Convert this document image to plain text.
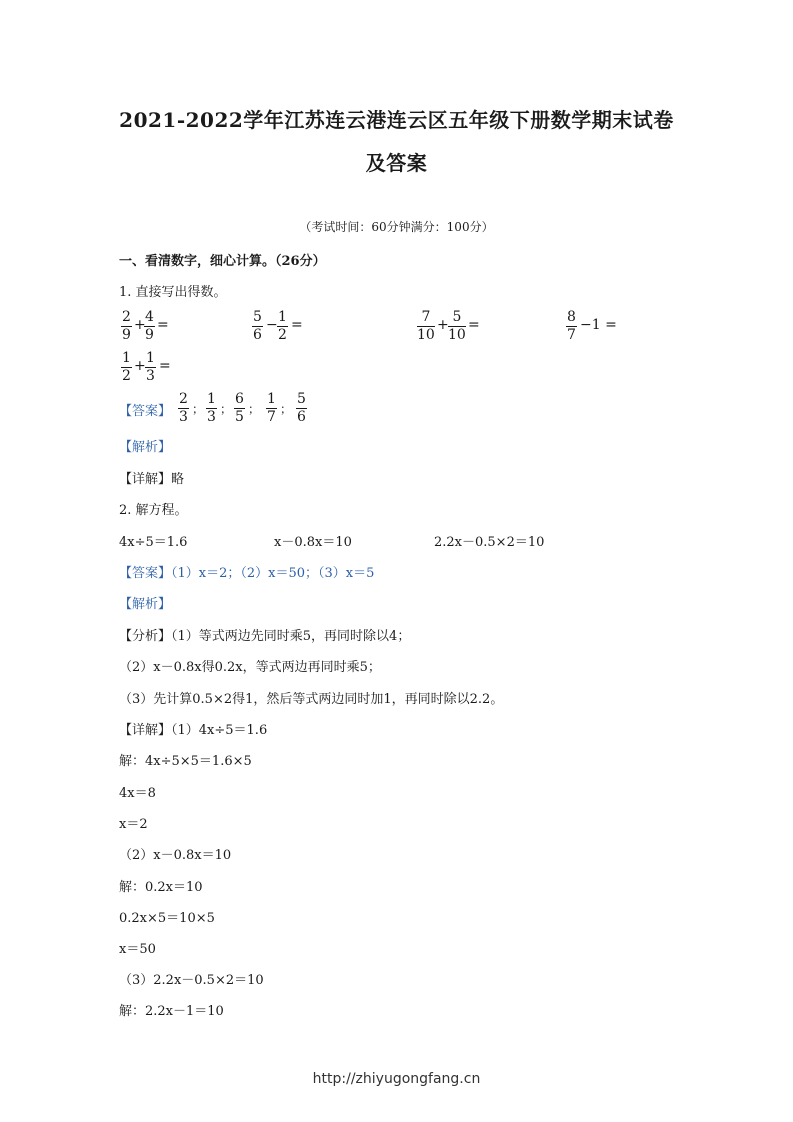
2021-2022学年江苏连云港连云区五年级下册数学期末试卷
及答案
（考试时间：60分钟满分：100分）
一、看清数字，细心计算。（26分）
1. 直接写出得数。
$\frac{2}{9}$ +
$\frac{4}{9}$ =	$\frac{5}{6} - \frac{1}{2}$ =	$\frac{7}{10} + \frac{5}{10}$ =	$\frac{8}{7} -1$ =
$\frac{1}{2} + \frac{1}{3}$ =
【答案】 $\frac{2}{3}$ ； $\frac{1}{3}$ ； $\frac{6}{5}$ ； $\frac{1}{7}$ ； $\frac{5}{6}$
【解析】
【详解】略
2. 解方程。
4x÷5＝1.6	x－0.8x＝10	2.2x－0.5×2＝10
【答案】（1）x＝2；（2）x＝50；（3）x＝5
【解析】
【分析】（1）等式两边先同时乘5，再同时除以4；
（2）x－0.8x得0.2x，等式两边再同时乘5；
（3）先计算0.5×2得1，然后等式两边同时加1，再同时除以2.2。
【详解】（1）4x÷5＝1.6
解：4x÷5×5＝1.6×5
4x＝8
x＝2
（2）x－0.8x＝10
解：0.2x＝10
0.2x×5＝10×5
x＝50
（3）2.2x－0.5×2＝10
解：2.2x－1＝10
http://zhiyugongfang.cn
